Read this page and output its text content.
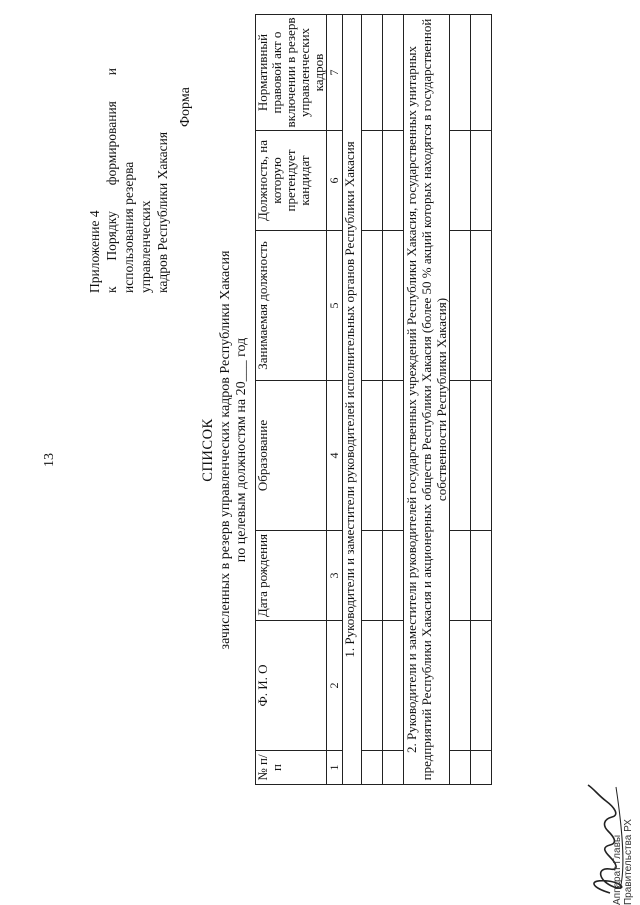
13
Приложение 4 к
Порядку
формирования
и
использования резерва управленческих кадров Республики Хакасия
Форма
СПИСОК зачисленных в резерв управленческих кадров Республики Хакасия по целевым должностям на 20___ год
№ п/п	Ф. И. О	Дата рождения	Образование	Занимаемая должность	Должность, на которую претендует кандидат	Нормативный правовой акт о включении в резерв управленческих кадров
1	2	3	4	5	6	7
1. Руководители и заместители руководителей исполнительных органов Республики Хакасия						

2. Руководители и заместители руководителей государственных учреждений Республики Хакасия, государственных унитарных предприятий Республики Хакасия и акционерных обществ Республики Хакасия (более 50 % акций которых находятся в государственной собственности Республики Хакасия)						

Аппарат Главы Правительства РХ
